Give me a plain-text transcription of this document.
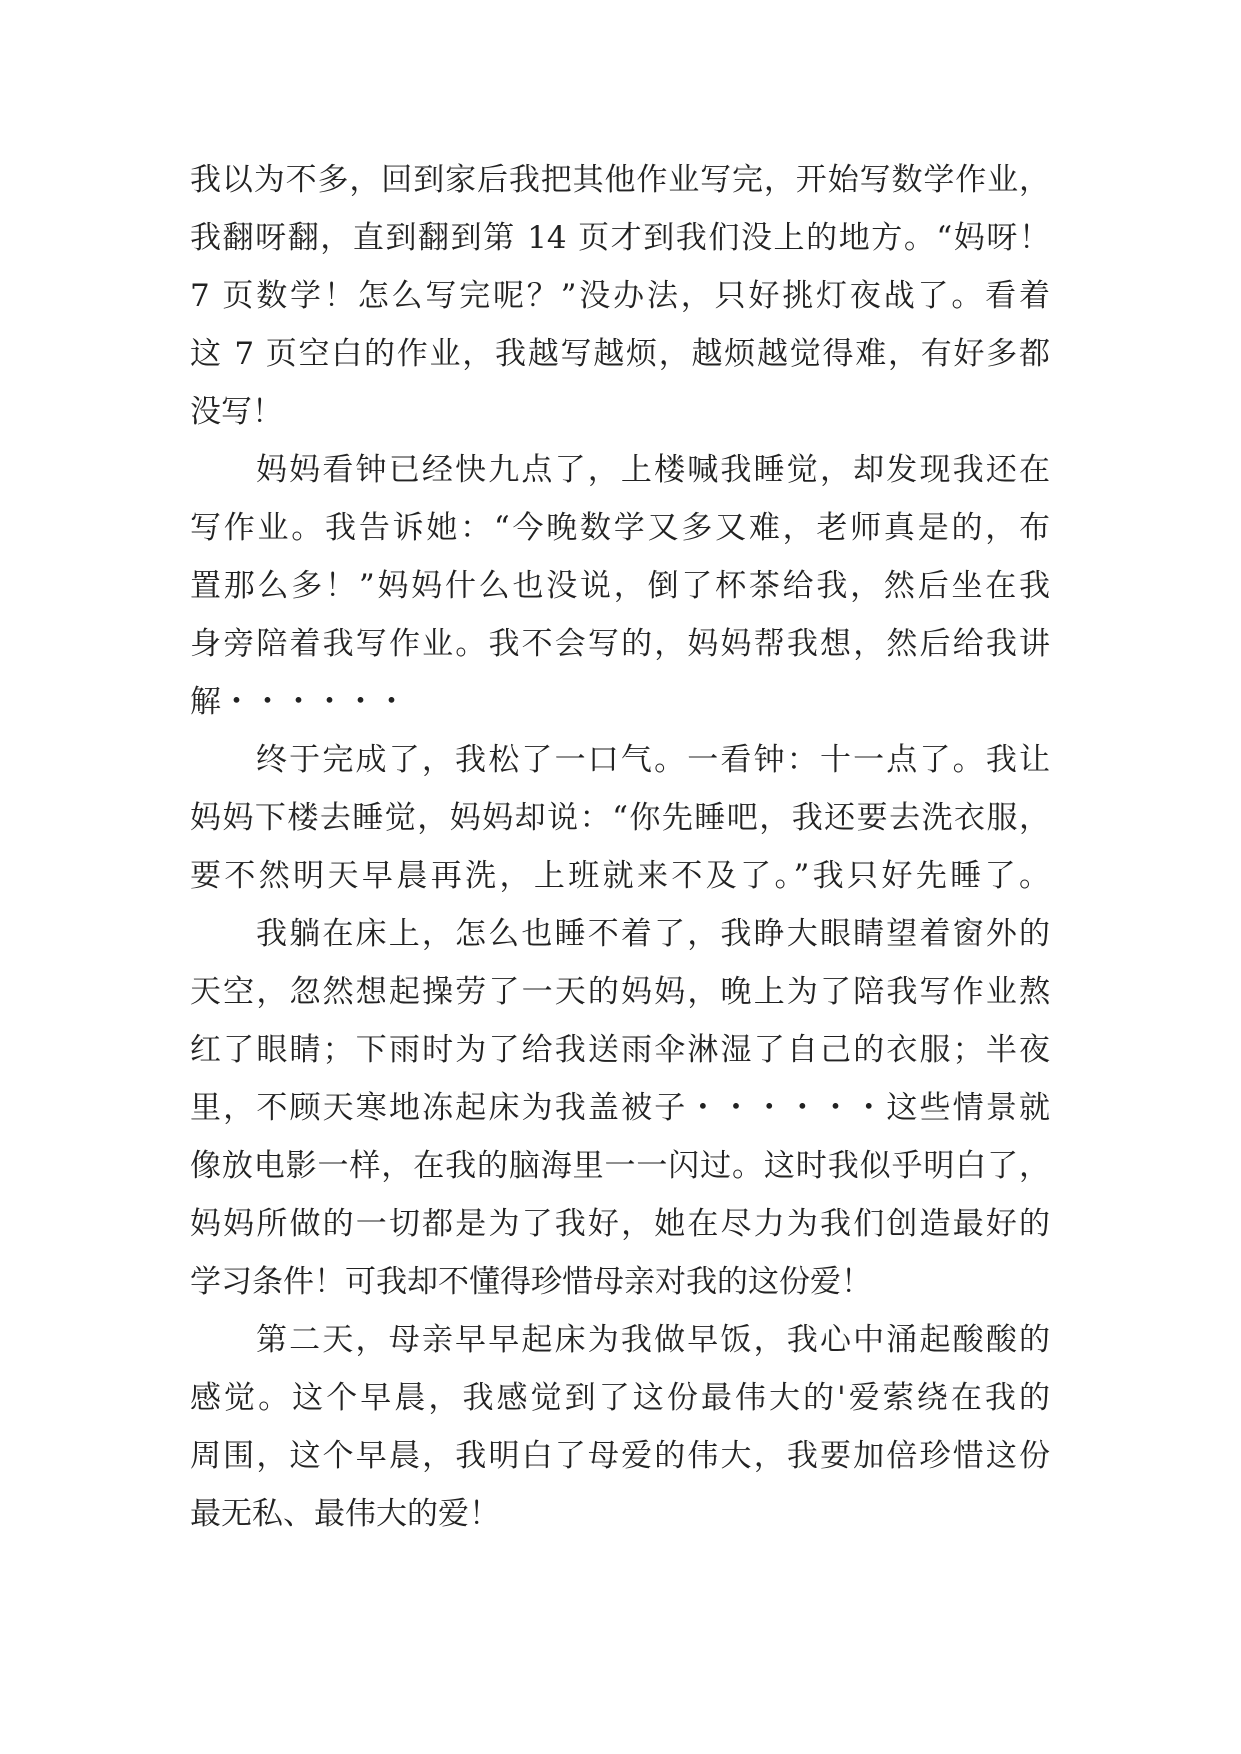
我以为不多，回到家后我把其他作业写完，开始写数学作业，
我翻呀翻，直到翻到第 14 页才到我们没上的地方。“妈呀！
7 页数学！怎么写完呢？”没办法，只好挑灯夜战了。看着
这 7 页空白的作业，我越写越烦，越烦越觉得难，有好多都
没写！
妈妈看钟已经快九点了，上楼喊我睡觉，却发现我还在
写作业。我告诉她：“今晚数学又多又难，老师真是的，布
置那么多！”妈妈什么也没说，倒了杯茶给我，然后坐在我
身旁陪着我写作业。我不会写的，妈妈帮我想，然后给我讲
解・・・・・・
终于完成了，我松了一口气。一看钟：十一点了。我让
妈妈下楼去睡觉，妈妈却说：“你先睡吧，我还要去洗衣服，
要不然明天早晨再洗，上班就来不及了。”我只好先睡了。
我躺在床上，怎么也睡不着了，我睁大眼睛望着窗外的
天空，忽然想起操劳了一天的妈妈，晚上为了陪我写作业熬
红了眼睛；下雨时为了给我送雨伞淋湿了自己的衣服；半夜
里，不顾天寒地冻起床为我盖被子・・・・・・这些情景就
像放电影一样，在我的脑海里一一闪过。这时我似乎明白了，
妈妈所做的一切都是为了我好，她在尽力为我们创造最好的
学习条件！可我却不懂得珍惜母亲对我的这份爱！
第二天，母亲早早起床为我做早饭，我心中涌起酸酸的
感觉。这个早晨，我感觉到了这份最伟大的'爱萦绕在我的
周围，这个早晨，我明白了母爱的伟大，我要加倍珍惜这份
最无私、最伟大的爱！
